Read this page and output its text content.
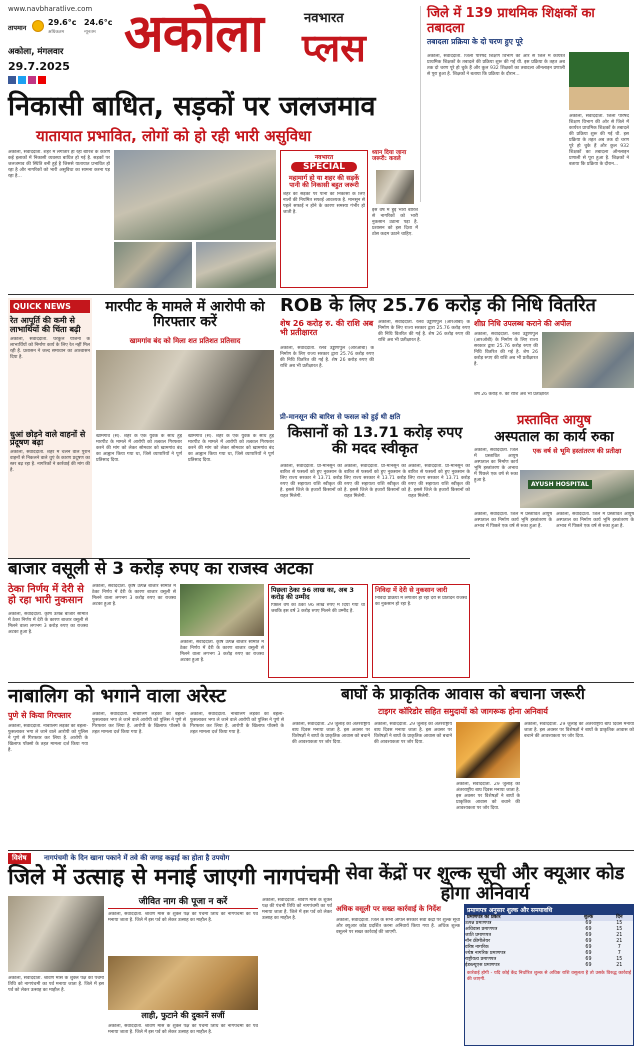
www.navbharatlive.com
तापमान
29.6°c
अधिकतम
24.6°c
न्यूनतम
अकोला, मंगलवार
29.7.2025
अकोला	नवभारत
प्लस
जिले में 139 प्राथमिक शिक्षकों का तबादला
तबादला प्रक्रिया के दो चरण हुए पूरे
अकोला, संवाददाता. जिला परिषद शिक्षण विभाग की ओर से जिले में कार्यरत प्राथमिक शिक्षकों के तबादले की प्रक्रिया शुरू की गई थी. इस प्रक्रिया के तहत अब तक दो चरण पूरे हो चुके हैं और कुल 932 शिक्षकों का तबादला ऑनलाइन प्रणाली से पूरा हुआ है. शिक्षकों ने बताया कि प्रक्रिया के दौरान...
अकोला, संवाददाता. जिला परिषद शिक्षण विभाग की ओर से जिले में कार्यरत प्राथमिक शिक्षकों के तबादले की प्रक्रिया शुरू की गई थी. इस प्रक्रिया के तहत अब तक दो चरण पूरे हो चुके हैं और कुल 932 शिक्षकों का तबादला ऑनलाइन प्रणाली से पूरा हुआ है. शिक्षकों ने बताया कि प्रक्रिया के दौरान...
निकासी बाधित, सड़कों पर जलजमाव
यातायात प्रभावित, लोगों को हो रही भारी असुविधा
अकोला, संवाददाता. शहर में लगातार हो रही बारिश के कारण कई इलाकों में निकासी व्यवस्था बाधित हो गई है. सड़कों पर जलजमाव की स्थिति बनी हुई है जिससे यातायात प्रभावित हो रहा है और नागरिकों को भारी असुविधा का सामना करना पड़ रहा है...
नवभारत
SPECIAL
महामार्ग हो या शहर की सड़कें पानी की निकासी बहुत जरूरी
शहर की सड़कों पर पानी की निकासी के लिए नालों की नियमित सफाई आवश्यक है. मानसून से पहले सफाई न होने के कारण समस्या गंभीर हो जाती है.
ध्यान दिया जाना जरूरी: कवले
इस वर्ष में हुई भारी बारिश से नागरिकों को भारी नुकसान उठाना पड़ा है. प्रशासन को इस दिशा में ठोस कदम उठाने चाहिए.
QUICK NEWS
रेत आपूर्ति की कमी से लाभार्थियों की चिंता बढ़ी
अकोला, संवाददाता. घरकुल योजना के लाभार्थियों को निर्माण कार्य के लिए रेत नहीं मिल रही है. प्रशासन ने जल्द समाधान का आश्वासन दिया है.
धुआं छोड़ने वाले वाहनों से प्रदूषण बढ़ा
अकोला, संवाददाता. शहर में चलने वाले पुराने वाहनों से निकलने वाले धुएं के कारण प्रदूषण का स्तर बढ़ रहा है. नागरिकों ने कार्रवाई की मांग की है.
मारपीट के मामले में आरोपी को गिरफ्तार करें
खामगांव बंद को मिला शत प्रतिशत प्रतिसाद
खामगांव (सं). शहर के एक युवक के साथ हुई मारपीट के मामले में आरोपी को तत्काल गिरफ्तार करने की मांग को लेकर सोमवार को खामगांव बंद का आह्वान किया गया था, जिसे व्यापारियों ने पूर्ण प्रतिसाद दिया.
खामगांव (सं). शहर के एक युवक के साथ हुई मारपीट के मामले में आरोपी को तत्काल गिरफ्तार करने की मांग को लेकर सोमवार को खामगांव बंद का आह्वान किया गया था, जिसे व्यापारियों ने पूर्ण प्रतिसाद दिया.
ROB के लिए 25.76 करोड़ की निधि वितरित
शेष 26 करोड़ रु. की राशि अब भी प्रतीक्षारत
अकोला, संवाददाता. रेलवे उड्डाणपुल (आरओबी) के निर्माण के लिए राज्य सरकार द्वारा 25.76 करोड़ रुपए की निधि वितरित की गई है. शेष 26 करोड़ रुपए की राशि अब भी प्रतीक्षारत है.
अकोला, संवाददाता. रेलवे उड्डाणपुल (आरओबी) के निर्माण के लिए राज्य सरकार द्वारा 25.76 करोड़ रुपए की निधि वितरित की गई है. शेष 26 करोड़ रुपए की राशि अब भी प्रतीक्षारत है.
शीघ्र निधि उपलब्ध कराने की अपील
अकोला, संवाददाता. रेलवे उड्डाणपुल (आरओबी) के निर्माण के लिए राज्य सरकार द्वारा 25.76 करोड़ रुपए की निधि वितरित की गई है. शेष 26 करोड़ रुपए की राशि अब भी प्रतीक्षारत है.
शेष 26 करोड़ रु. की राशि अब भी प्रतीक्षारत
प्री-मानसून की बारिश से फसल को हुई थी क्षति
किसानों को 13.71 करोड़ रुपए की मदद स्वीकृत
अकोला, संवाददाता. प्री-मानसून की बारिश से फसलों को हुए नुकसान के लिए राज्य सरकार ने 13.71 करोड़ रुपए की सहायता राशि स्वीकृत की है. इससे जिले के हजारों किसानों को राहत मिलेगी.
अकोला, संवाददाता. प्री-मानसून की बारिश से फसलों को हुए नुकसान के लिए राज्य सरकार ने 13.71 करोड़ रुपए की सहायता राशि स्वीकृत की है. इससे जिले के हजारों किसानों को राहत मिलेगी.
अकोला, संवाददाता. प्री-मानसून की बारिश से फसलों को हुए नुकसान के लिए राज्य सरकार ने 13.71 करोड़ रुपए की सहायता राशि स्वीकृत की है. इससे जिले के हजारों किसानों को राहत मिलेगी.
प्रस्तावित आयुष
अस्पताल का कार्य रुका
एक वर्ष से भूमि हस्तांतरण की प्रतीक्षा
अकोला, संवाददाता. जिले में प्रस्तावित आयुष अस्पताल का निर्माण कार्य भूमि हस्तांतरण के अभाव में पिछले एक वर्ष से रुका हुआ है.
AYUSH HOSPITAL
अकोला, संवाददाता. जिले में प्रस्तावित आयुष अस्पताल का निर्माण कार्य भूमि हस्तांतरण के अभाव में पिछले एक वर्ष से रुका हुआ है.
अकोला, संवाददाता. जिले में प्रस्तावित आयुष अस्पताल का निर्माण कार्य भूमि हस्तांतरण के अभाव में पिछले एक वर्ष से रुका हुआ है.
बाजार वसूली से 3 करोड़ रुपए का राजस्व अटका
ठेका निर्णय में देरी से हो रहा भारी नुकसान
अकोला, संवाददाता. कृषि उत्पन्न बाजार समिति में ठेका निर्णय में देरी के कारण बाजार वसूली से मिलने वाला लगभग 3 करोड़ रुपए का राजस्व अटका हुआ है.
अकोला, संवाददाता. कृषि उत्पन्न बाजार समिति में ठेका निर्णय में देरी के कारण बाजार वसूली से मिलने वाला लगभग 3 करोड़ रुपए का राजस्व अटका हुआ है.
अकोला, संवाददाता. कृषि उत्पन्न बाजार समिति में ठेका निर्णय में देरी के कारण बाजार वसूली से मिलने वाला लगभग 3 करोड़ रुपए का राजस्व अटका हुआ है.
पिछला ठेका 96 लाख का, अब 3 करोड़ की उम्मीद
पिछले वर्ष का ठेका 96 लाख रुपए में दिया गया था जबकि इस वर्ष 3 करोड़ रुपए मिलने की उम्मीद है.
निविदा में देरी से नुकसान जारी
निविदा प्रक्रिया में लगातार हो रही देरी से प्रतिदिन राजस्व का नुकसान हो रहा है.
नाबालिग को भगाने वाला अरेस्ट
पुणे से किया गिरफ्तार
अकोला, संवाददाता. नाबालिग लड़की को बहला-फुसलाकर भगा ले जाने वाले आरोपी को पुलिस ने पुणे से गिरफ्तार कर लिया है. आरोपी के खिलाफ पॉक्सो के तहत मामला दर्ज किया गया है.
अकोला, संवाददाता. नाबालिग लड़की को बहला-फुसलाकर भगा ले जाने वाले आरोपी को पुलिस ने पुणे से गिरफ्तार कर लिया है. आरोपी के खिलाफ पॉक्सो के तहत मामला दर्ज किया गया है.
अकोला, संवाददाता. नाबालिग लड़की को बहला-फुसलाकर भगा ले जाने वाले आरोपी को पुलिस ने पुणे से गिरफ्तार कर लिया है. आरोपी के खिलाफ पॉक्सो के तहत मामला दर्ज किया गया है.
बाघों के प्राकृतिक आवास को बचाना जरूरी
टाइगर कॉरिडोर सहित समुदायों को जागरूक होना अनिवार्य
अकोला, संवाददाता. 29 जुलाई को अंतरराष्ट्रीय बाघ दिवस मनाया जाता है. इस अवसर पर विशेषज्ञों ने बाघों के प्राकृतिक आवास को बचाने की आवश्यकता पर जोर दिया.
अकोला, संवाददाता. 29 जुलाई को अंतरराष्ट्रीय बाघ दिवस मनाया जाता है. इस अवसर पर विशेषज्ञों ने बाघों के प्राकृतिक आवास को बचाने की आवश्यकता पर जोर दिया.
अकोला, संवाददाता. 29 जुलाई को अंतरराष्ट्रीय बाघ दिवस मनाया जाता है. इस अवसर पर विशेषज्ञों ने बाघों के प्राकृतिक आवास को बचाने की आवश्यकता पर जोर दिया.
अकोला, संवाददाता. 29 जुलाई को अंतरराष्ट्रीय बाघ दिवस मनाया जाता है. इस अवसर पर विशेषज्ञों ने बाघों के प्राकृतिक आवास को बचाने की आवश्यकता पर जोर दिया.
विशेष	नागपंचमी के दिन खाना पकाने में तवे की जगह कढ़ाई का होता है उपयोग
जिले में उत्साह से मनाई जाएगी नागपंचमी
अकोला, संवाददाता. श्रावण मास के शुक्ल पक्ष की पंचमी तिथि को नागपंचमी का पर्व मनाया जाता है. जिले में इस पर्व को लेकर उत्साह का माहौल है.
जीवित नाग की पूजा न करें
अकोला, संवाददाता. श्रावण मास के शुक्ल पक्ष की पंचमी तिथि को नागपंचमी का पर्व मनाया जाता है. जिले में इस पर्व को लेकर उत्साह का माहौल है.
लाही, फुटाने की दुकानें सजीं
अकोला, संवाददाता. श्रावण मास के शुक्ल पक्ष की पंचमी तिथि को नागपंचमी का पर्व मनाया जाता है. जिले में इस पर्व को लेकर उत्साह का माहौल है.
अकोला, संवाददाता. श्रावण मास के शुक्ल पक्ष की पंचमी तिथि को नागपंचमी का पर्व मनाया जाता है. जिले में इस पर्व को लेकर उत्साह का माहौल है.
सेवा केंद्रों पर शुल्क सूची और क्यूआर कोड होगा अनिवार्य
अधिक वसूली पर सख्त कार्रवाई के निर्देश
अकोला, संवाददाता. जिले के सभी आपले सरकार सेवा केंद्रों पर शुल्क सूची और क्यूआर कोड प्रदर्शित करना अनिवार्य किया गया है. अधिक शुल्क वसूलने पर सख्त कार्रवाई की जाएगी.
प्रमाणपत्र अनुसार शुल्क और समयावधि
प्रमाणपत्र का प्रकार	शुल्क	दिन
उत्पन्न प्रमाणपत्र	69	15
अधिवास प्रमाणपत्र	69	15
जाति प्रमाणपत्र	69	21
नॉन क्रीमीलेयर	69	21
वरिष्ठ नागरिक	69	7
ज्येष्ठ नागरिक प्रमाणपत्र	69	7
राष्ट्रीयत्व प्रमाणपत्र	69	15
ईडब्ल्यूएस प्रमाणपत्र	69	21
कार्रवाई होगी - यदि कोई केंद्र निर्धारित शुल्क से अधिक राशि वसूलता है तो उसके विरुद्ध कार्रवाई की जाएगी.
